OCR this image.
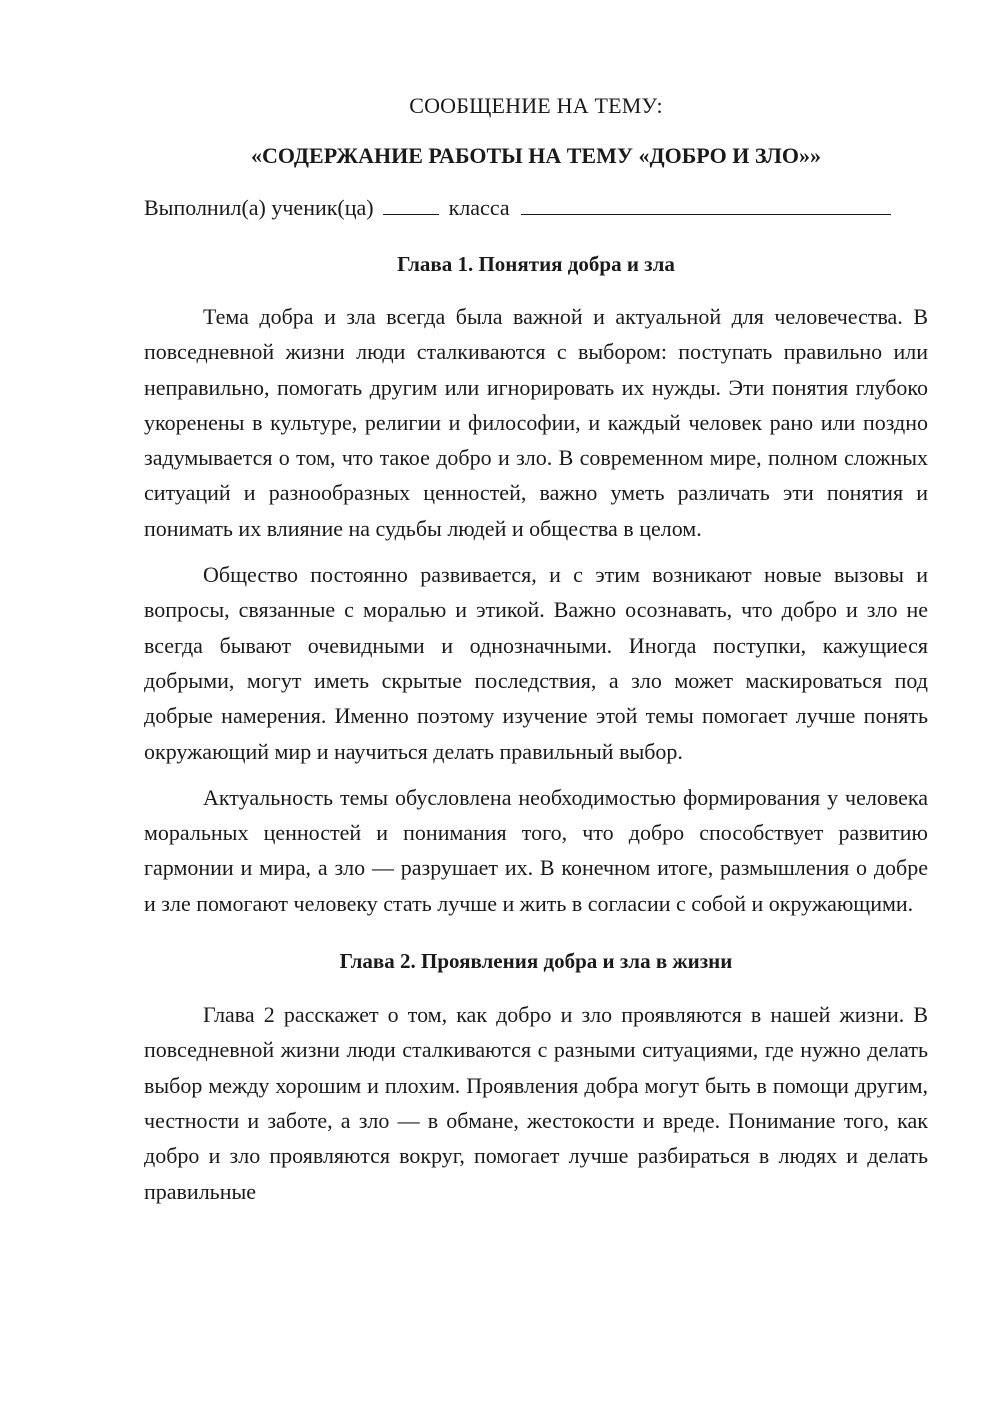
СООБЩЕНИЕ НА ТЕМУ:
«СОДЕРЖАНИЕ РАБОТЫ НА ТЕМУ «ДОБРО И ЗЛО»»

Выполнил(а) ученик(ца)	класса

Глава 1. Понятия добра и зла

Тема добра и зла всегда была важной и актуальной для человечества. В повседневной жизни люди сталкиваются с выбором: поступать правильно или неправильно, помогать другим или игнорировать их нужды. Эти понятия глубоко укоренены в культуре, религии и философии, и каждый человек рано или поздно задумывается о том, что такое добро и зло. В современном мире, полном сложных ситуаций и разнообразных ценностей, важно уметь различать эти понятия и понимать их влияние на судьбы людей и общества в целом.

Общество постоянно развивается, и с этим возникают новые вызовы и вопросы, связанные с моралью и этикой. Важно осознавать, что добро и зло не всегда бывают очевидными и однозначными. Иногда поступки, кажущиеся добрыми, могут иметь скрытые последствия, а зло может маскироваться под добрые намерения. Именно поэтому изучение этой темы помогает лучше понять окружающий мир и научиться делать правильный выбор.

Актуальность темы обусловлена необходимостью формирования у человека моральных ценностей и понимания того, что добро способствует развитию гармонии и мира, а зло — разрушает их. В конечном итоге, размышления о добре и зле помогают человеку стать лучше и жить в согласии с собой и окружающими.

Глава 2. Проявления добра и зла в жизни

Глава 2 расскажет о том, как добро и зло проявляются в нашей жизни. В повседневной жизни люди сталкиваются с разными ситуациями, где нужно делать выбор между хорошим и плохим. Проявления добра могут быть в помощи другим, честности и заботе, а зло — в обмане, жестокости и вреде. Понимание того, как добро и зло проявляются вокруг, помогает лучше разбираться в людях и делать правильные
